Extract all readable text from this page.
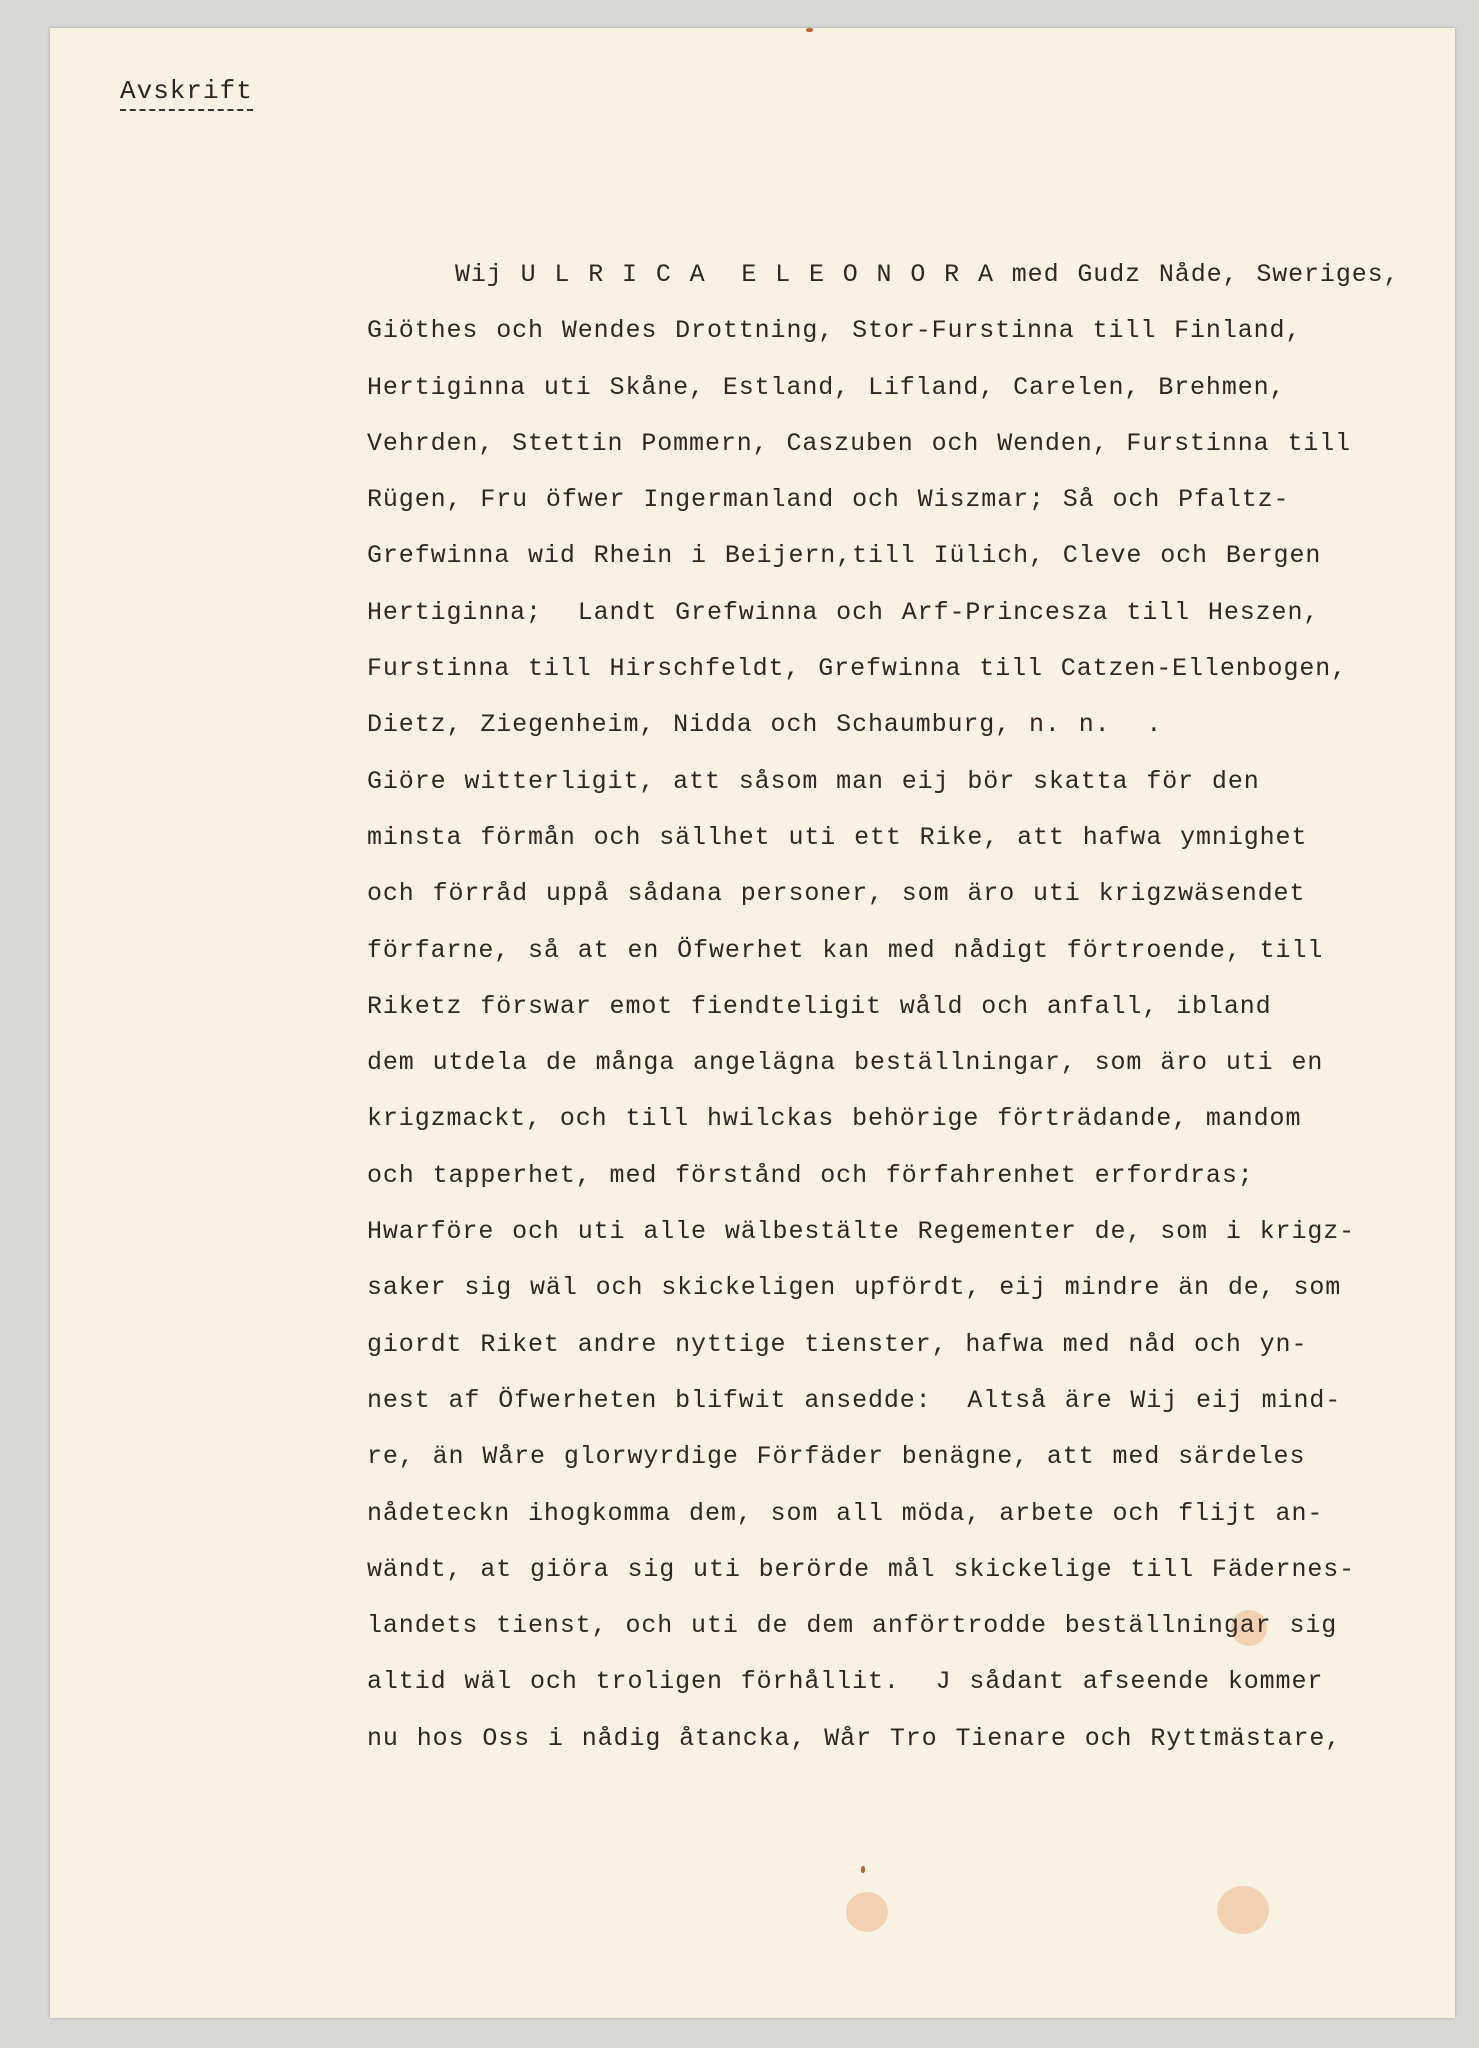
Avskrift
Wij U L R I C A  E L E O N O R A med Gudz Nåde, Sweriges,
Giöthes och Wendes Drottning, Stor-Furstinna till Finland,
Hertiginna uti Skåne, Estland, Lifland, Carelen, Brehmen,
Vehrden, Stettin Pommern, Caszuben och Wenden, Furstinna till
Rügen, Fru öfwer Ingermanland och Wiszmar; Så och Pfaltz-
Grefwinna wid Rhein i Beijern,till Iülich, Cleve och Bergen
Hertiginna;  Landt Grefwinna och Arf-Princesza till Heszen,
Furstinna till Hirschfeldt, Grefwinna till Catzen-Ellenbogen,
Dietz, Ziegenheim, Nidda och Schaumburg, n. n.  .
Giöre witterligit, att såsom man eij bör skatta för den
minsta förmån och sällhet uti ett Rike, att hafwa ymnighet
och förråd uppå sådana personer, som äro uti krigzwäsendet
förfarne, så at en Öfwerhet kan med nådigt förtroende, till
Riketz förswar emot fiendteligit wåld och anfall, ibland
dem utdela de många angelägna beställningar, som äro uti en
krigzmackt, och till hwilckas behörige förträdande, mandom
och tapperhet, med förstånd och förfahrenhet erfordras;
Hwarföre och uti alle wälbestälte Regementer de, som i krigz-
saker sig wäl och skickeligen upfördt, eij mindre än de, som
giordt Riket andre nyttige tienster, hafwa med nåd och yn-
nest af Öfwerheten blifwit ansedde:  Altså äre Wij eij mind-
re, än Wåre glorwyrdige Förfäder benägne, att med särdeles
nådeteckn ihogkomma dem, som all möda, arbete och flijt an-
wändt, at giöra sig uti berörde mål skickelige till Fädernes-
landets tienst, och uti de dem anförtrodde beställningar sig
altid wäl och troligen förhållit.  J sådant afseende kommer
nu hos Oss i nådig åtancka, Wår Tro Tienare och Ryttmästare,
